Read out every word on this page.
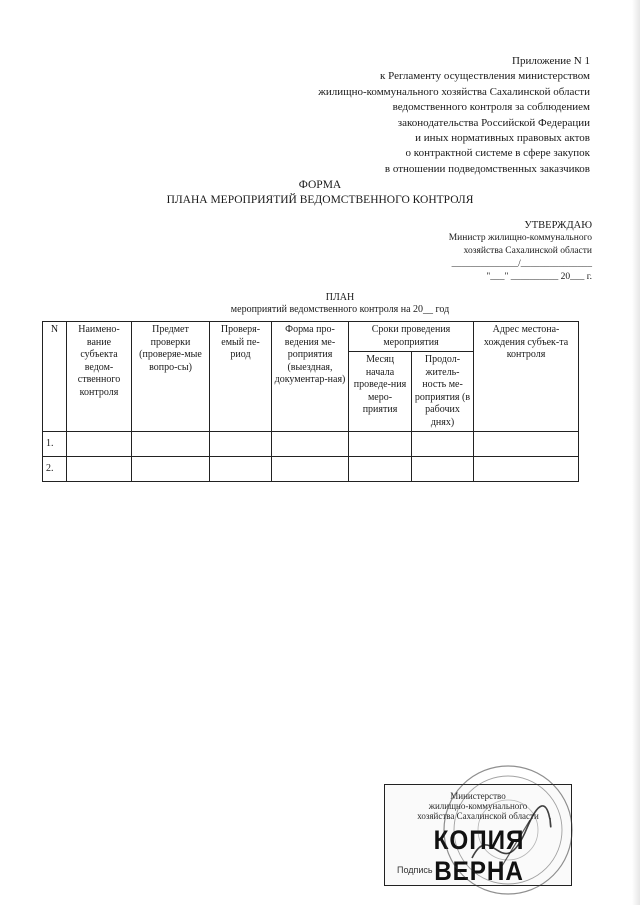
Приложение N 1
к Регламенту осуществления министерством
жилищно-коммунального хозяйства Сахалинской области
ведомственного контроля за соблюдением
законодательства Российской Федерации
и иных нормативных правовых актов
о контрактной системе в сфере закупок
в отношении подведомственных заказчиков
ФОРМА
ПЛАНА МЕРОПРИЯТИЙ ВЕДОМСТВЕННОГО КОНТРОЛЯ
УТВЕРЖДАЮ
Министр жилищно-коммунального
хозяйства Сахалинской области
______________/_______________
"___" __________ 20___ г.
ПЛАН
мероприятий ведомственного контроля на 20__ год
N	Наимено-вание субъекта ведом-ственного контроля	Предмет проверки (проверяе-мые вопро-сы)	Проверя-емый пе-риод	Форма про-ведения ме-роприятия (выездная, документар-ная)	Сроки проведения мероприятия		Адрес местона-хождения субъек-та контроля
					Месяц начала проведе-ния меро-приятия	Продол-житель-ность ме-роприятия (в рабочих днях)	
1.							
2.							
Министерство
жилищно-коммунального
хозяйства Сахалинской области
КОПИЯ ВЕРНА
Подпись
